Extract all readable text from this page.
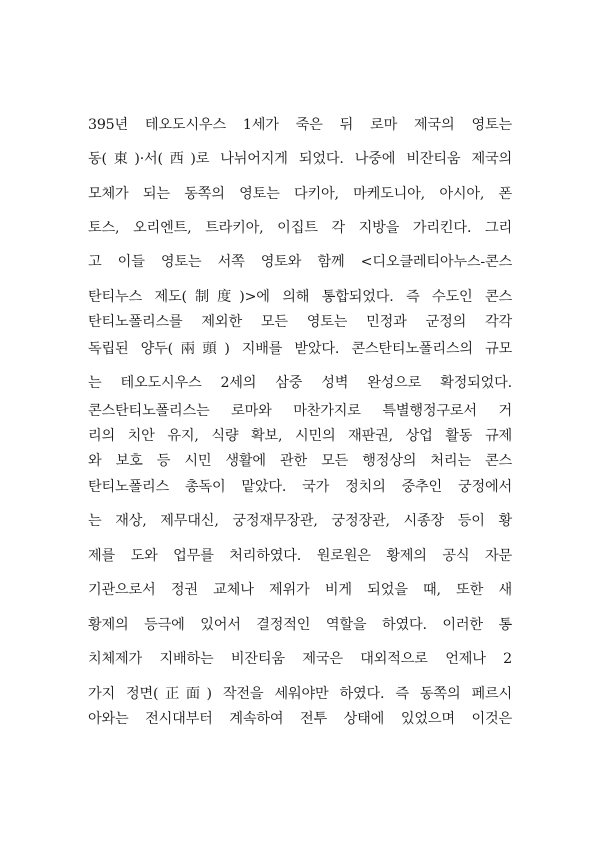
395년 테오도시우스 1세가 죽은 뒤 로마 제국의 영토는
동(東)·서(西)로 나뉘어지게 되었다. 나중에 비잔티움 제국의
모체가 되는 동쪽의 영토는 다키아, 마케도니아, 아시아, 폰
토스, 오리엔트, 트라키아, 이집트 각 지방을 가리킨다. 그리
고 이들 영토는 서쪽 영토와 함께 <디오클레티아누스-콘스
탄티누스 제도(制度)>에 의해 통합되었다. 즉 수도인 콘스
탄티노폴리스를 제외한 모든 영토는 민정과 군정의 각각
독립된 양두(兩頭) 지배를 받았다. 콘스탄티노폴리스의 규모
는 테오도시우스 2세의 삼중 성벽 완성으로 확정되었다.
콘스탄티노폴리스는 로마와 마찬가지로 특별행정구로서 거
리의 치안 유지, 식량 확보, 시민의 재판권, 상업 활동 규제
와 보호 등 시민 생활에 관한 모든 행정상의 처리는 콘스
탄티노폴리스 총독이 맡았다. 국가 정치의 중추인 궁정에서
는 재상, 제무대신, 궁정재무장관, 궁정장관, 시종장 등이 황
제를 도와 업무를 처리하였다. 원로원은 황제의 공식 자문
기관으로서 정권 교체나 제위가 비게 되었을 때, 또한 새
황제의 등극에 있어서 결정적인 역할을 하였다. 이러한 통
치체제가 지배하는 비잔티움 제국은 대외적으로 언제나 2
가지 정면(正面) 작전을 세워야만 하였다. 즉 동쪽의 페르시
아와는 전시대부터 계속하여 전투 상태에 있었으며 이것은
